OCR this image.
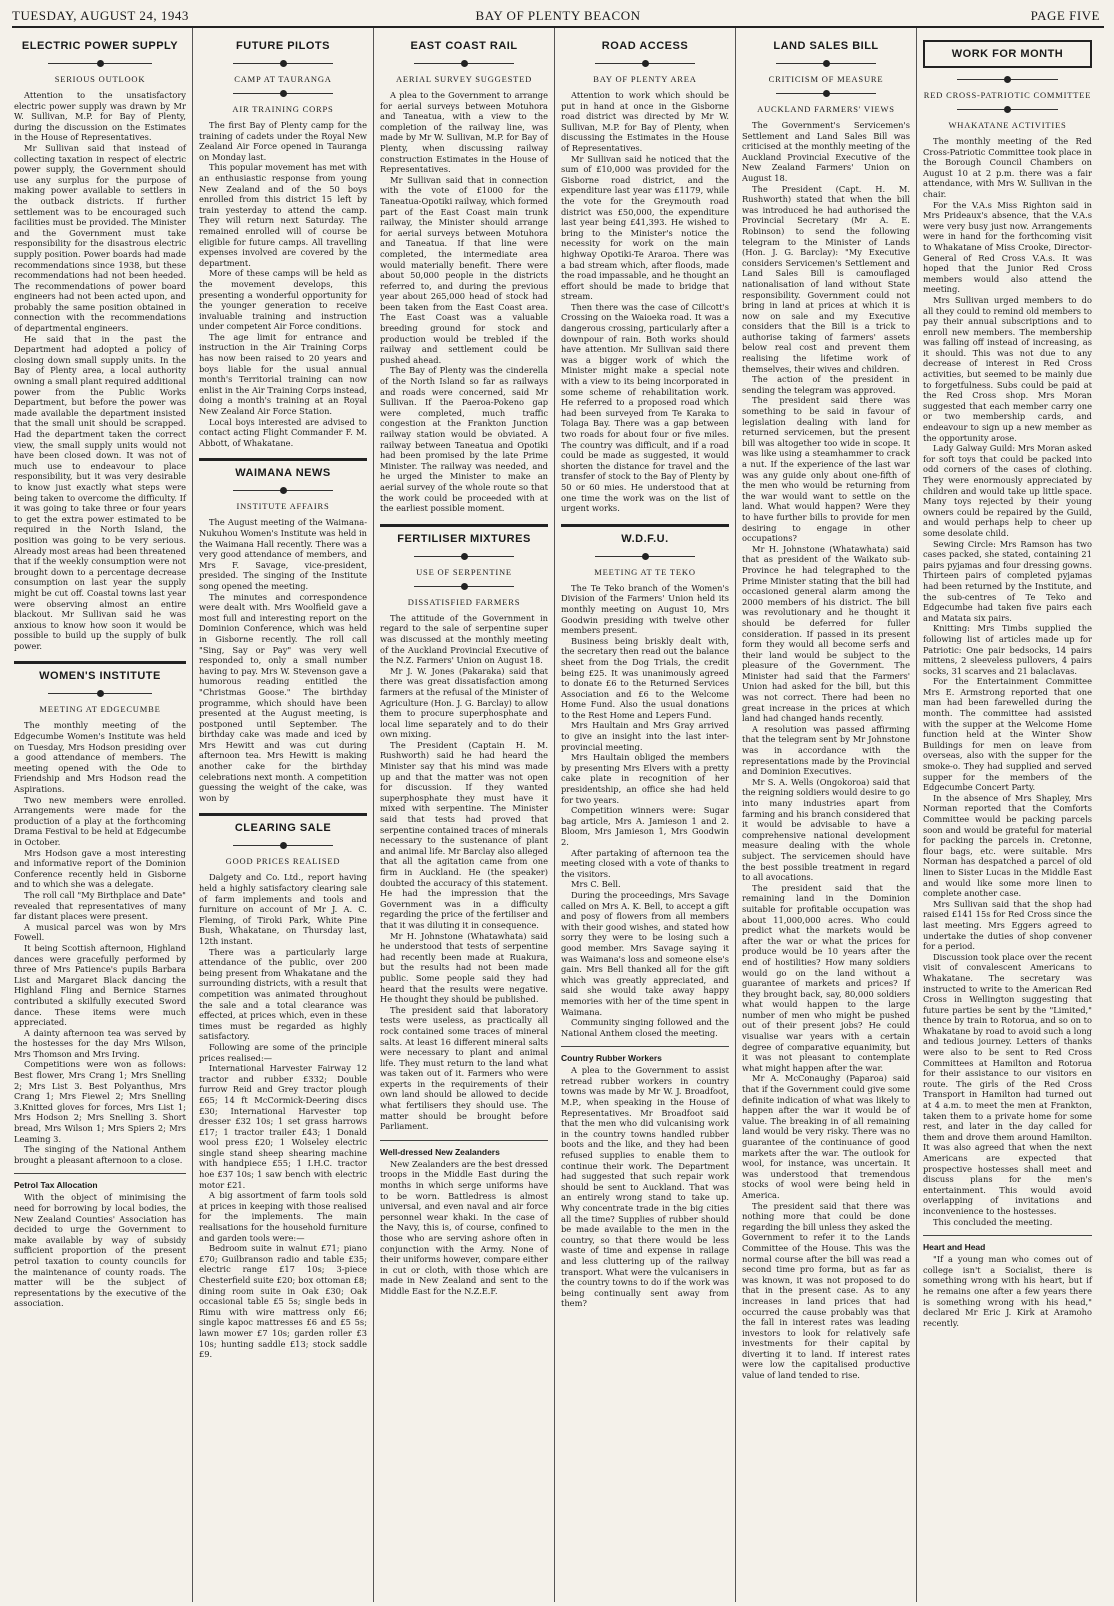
TUESDAY, AUGUST 24, 1943	BAY OF PLENTY BEACON	PAGE FIVE
ELECTRIC POWER SUPPLY
SERIOUS OUTLOOK

Attention to the unsatisfactory electric power supply was drawn by Mr W. Sullivan, M.P. for Bay of Plenty, during the discussion on the Estimates in the House of Representatives.

Mr Sullivan said that instead of collecting taxation in respect of electric power supply, the Government should use any surplus for the purpose of making power available to settlers in the outback districts. If further settlement was to be encouraged such facilities must be provided. The Minister and the Government must take responsibility for the disastrous electric supply position. Power boards had made recommendations since 1938, but these recommendations had not been heeded. The recommendations of power board engineers had not been acted upon, and probably the same position obtained in connection with the recommendations of departmental engineers.

He said that in the past the Department had adopted a policy of closing down small supply units. In the Bay of Plenty area, a local authority owning a small plant required additional power from the Public Works Department, but before the power was made available the department insisted that the small unit should be scrapped. Had the department taken the correct view, the small supply units would not have been closed down. It was not of much use to endeavour to place responsibility, but it was very desirable to know just exactly what steps were being taken to overcome the difficulty. If it was going to take three or four years to get the extra power estimated to be required in the North Island, the position was going to be very serious. Already most areas had been threatened that if the weekly consumption were not brought down to a percentage decrease consumption on last year the supply might be cut off. Coastal towns last year were observing almost an entire blackout. Mr Sullivan said he was anxious to know how soon it would be possible to build up the supply of bulk power.

WOMEN'S INSTITUTE
MEETING AT EDGECUMBE

The monthly meeting of the Edgecumbe Women's Institute was held on Tuesday, Mrs Hodson presiding over a good attendance of members. The meeting opened with the Ode to Friendship and Mrs Hodson read the Aspirations.

Two new members were enrolled. Arrangements were made for the production of a play at the forthcoming Drama Festival to be held at Edgecumbe in October.

Mrs Hodson gave a most interesting and informative report of the Dominion Conference recently held in Gisborne and to which she was a delegate.

The roll call "My Birthplace and Date" revealed that representatives of many far distant places were present.

A musical parcel was won by Mrs Fowell.

It being Scottish afternoon, Highland dances were gracefully performed by three of Mrs Patience's pupils Barbara List and Margaret Black dancing the Highland Fling and Bernice Starnes contributed a skilfully executed Sword dance. These items were much appreciated.

A dainty afternoon tea was served by the hostesses for the day Mrs Wilson, Mrs Thomson and Mrs Irving.

Competitions were won as follows: Best flower, Mrs Crang 1; Mrs Snelling 2; Mrs List 3. Best Polyanthus, Mrs Crang 1; Mrs Fiewel 2; Mrs Snelling 3.Knitted gloves for forces, Mrs List 1; Mrs Hodson 2; Mrs Snelling 3. Short bread, Mrs Wilson 1; Mrs Spiers 2; Mrs Leaming 3.

The singing of the National Anthem brought a pleasant afternoon to a close.

Petrol Tax Allocation

With the object of minimising the need for borrowing by local bodies, the New Zealand Counties' Association has decided to urge the Government to make available by way of subsidy sufficient proportion of the present petrol taxation to county councils for the maintenance of county roads. The matter will be the subject of representations by the executive of the association.

FUTURE PILOTS
CAMP AT TAURANGA
AIR TRAINING CORPS

The first Bay of Plenty camp for the training of cadets under the Royal New Zealand Air Force opened in Tauranga on Monday last.

This popular movement has met with an enthusiastic response from young New Zealand and of the 50 boys enrolled from this district 15 left by train yesterday to attend the camp. They will return next Saturday. The remained enrolled will of course be eligible for future camps. All travelling expenses involved are covered by the department.

More of these camps will be held as the movement develops, this presenting a wonderful opportunity for the younger generation to receive invaluable training and instruction under competent Air Force conditions.

The age limit for entrance and instruction in the Air Training Corps has now been raised to 20 years and boys liable for the usual annual month's Territorial training can now enlist in the Air Training Corps instead, doing a month's training at an Royal New Zealand Air Force Station.

Local boys interested are advised to contact acting Flight Commander F. M. Abbott, of Whakatane.

WAIMANA NEWS
INSTITUTE AFFAIRS

The August meeting of the Waimana-Nukuhou Women's Institute was held in the Waimana Hall recently. There was a very good attendance of members, and Mrs F. Savage, vice-president, presided. The singing of the Institute song opened the meeting.

The minutes and correspondence were dealt with. Mrs Woolfield gave a most full and interesting report on the Dominion Conference, which was held in Gisborne recently. The roll call "Sing, Say or Pay" was very well responded to, only a small number having to pay. Mrs W. Stevenson gave a humorous reading entitled the "Christmas Goose." The birthday programme, which should have been presented at the August meeting, is postponed until September. The birthday cake was made and iced by Mrs Hewitt and was cut during afternoon tea. Mrs Hewitt is making another cake for the birthday celebrations next month. A competition guessing the weight of the cake, was won by

CLEARING SALE
GOOD PRICES REALISED

Dalgety and Co. Ltd., report having held a highly satisfactory clearing sale of farm implements and tools and furniture on account of Mr J. A. C. Fleming, of Tiroki Park, White Pine Bush, Whakatane, on Thursday last, 12th instant.

There was a particularly large attendance of the public, over 200 being present from Whakatane and the surrounding districts, with a result that competition was animated throughout the sale and a total clearance was effected, at prices which, even in these times must be regarded as highly satisfactory.

Following are some of the principle prices realised:—

International Harvester Fairway 12 tractor and rubber £332; Double furrow Reid and Grey tractor plough £65; 14 ft McCormick-Deering discs £30; International Harvester top dresser £32 10s; 1 set grass harrows £17; 1 tractor trailer £43; 1 Donald wool press £20; 1 Wolseley electric single stand sheep shearing machine with handpiece £55; 1 I.H.C. tractor hoe £37 10s; 1 saw bench with electric motor £21.

A big assortment of farm tools sold at prices in keeping with those realised for the implements. The main realisations for the household furniture and garden tools were:—

Bedroom suite in walnut £71; piano £70; Guilbranson radio and table £35; electric range £17 10s; 3-piece Chesterfield suite £20; box ottoman £8; dining room suite in Oak £30; Oak occasional table £5 5s; single beds in Rimu with wire mattress only £6; single kapoc mattresses £6 and £5 5s; lawn mower £7 10s; garden roller £3 10s; hunting saddle £13; stock saddle £9.

EAST COAST RAIL
AERIAL SURVEY SUGGESTED

A plea to the Government to arrange for aerial surveys between Motuhora and Taneatua, with a view to the completion of the railway line, was made by Mr W. Sullivan, M.P. for Bay of Plenty, when discussing railway construction Estimates in the House of Representatives.

Mr Sullivan said that in connection with the vote of £1000 for the Taneatua-Opotiki railway, which formed part of the East Coast main trunk railway, the Minister should arrange for aerial surveys between Motuhora and Taneatua. If that line were completed, the intermediate area would materially benefit. There were about 50,000 people in the districts referred to, and during the previous year about 265,000 head of stock had been taken from the East Coast area. The East Coast was a valuable breeding ground for stock and production would be trebled if the railway and settlement could be pushed ahead.

The Bay of Plenty was the cinderella of the North Island so far as railways and roads were concerned, said Mr Sullivan. If the Paeroa-Pokeno gap were completed, much traffic congestion at the Frankton Junction railway station would be obviated. A railway between Taneatua and Opotiki had been promised by the late Prime Minister. The railway was needed, and he urged the Minister to make an aerial survey of the whole route so that the work could be proceeded with at the earliest possible moment.

FERTILISER MIXTURES
USE OF SERPENTINE
DISSATISFIED FARMERS

The attitude of the Government in regard to the sale of serpentine super was discussed at the monthly meeting of the Auckland Provincial Executive of the N.Z. Farmers' Union on August 18.

Mr J. W. Jones (Pakaraka) said that there was great dissatisfaction among farmers at the refusal of the Minister of Agriculture (Hon. J. G. Barclay) to allow them to procure superphosphate and local lime separately and to do their own mixing.

The President (Captain H. M. Rushworth) said he had heard the Minister say that his mind was made up and that the matter was not open for discussion. If they wanted superphosphate they must have it mixed with serpentine. The Minister said that tests had proved that serpentine contained traces of minerals necessary to the sustenance of plant and animal life. Mr Barclay also alleged that all the agitation came from one firm in Auckland. He (the speaker) doubted the accuracy of this statement. He had the impression that the Government was in a difficulty regarding the price of the fertiliser and that it was diluting it in consequence.

Mr H. Johnstone (Whatawhata) said he understood that tests of serpentine had recently been made at Ruakura, but the results had not been made public. Some people said they had heard that the results were negative. He thought they should be published.

The president said that laboratory tests were useless, as practically all rock contained some traces of mineral salts. At least 16 different mineral salts were necessary to plant and animal life. They must return to the land what was taken out of it. Farmers who were experts in the requirements of their own land should be allowed to decide what fertilisers they should use. The matter should be brought before Parliament.

Well-dressed New Zealanders

New Zealanders are the best dressed troops in the Middle East during the months in which serge uniforms have to be worn. Battledress is almost universal, and even naval and air force personnel wear khaki. In the case of the Navy, this is, of course, confined to those who are serving ashore often in conjunction with the Army. None of their uniforms however, compare either in cut or cloth, with those which are made in New Zealand and sent to the Middle East for the N.Z.E.F.

ROAD ACCESS
BAY OF PLENTY AREA

Attention to work which should be put in hand at once in the Gisborne road district was directed by Mr W. Sullivan, M.P. for Bay of Plenty, when discussing the Estimates in the House of Representatives.

Mr Sullivan said he noticed that the sum of £10,000 was provided for the Gisborne road district, and the expenditure last year was £1179, while the vote for the Greymouth road district was £50,000, the expenditure last year being £41,393. He wished to bring to the Minister's notice the necessity for work on the main highway Opotiki-Te Araroa. There was a bad stream which, after floods, made the road impassable, and he thought an effort should be made to bridge that stream.

Then there was the case of Cillcott's Crossing on the Waioeka road. It was a dangerous crossing, particularly after a downpour of rain. Both works should have attention. Mr Sullivan said there was a bigger work of which the Minister might make a special note with a view to its being incorporated in some scheme of rehabilitation work. He referred to a proposed road which had been surveyed from Te Karaka to Tolaga Bay. There was a gap between two roads for about four or five miles. The country was difficult, and if a road could be made as suggested, it would shorten the distance for travel and the transfer of stock to the Bay of Plenty by 50 or 60 mies. He understood that at one time the work was on the list of urgent works.

W.D.F.U.
MEETING AT TE TEKO

The Te Teko branch of the Women's Division of the Farmers' Union held its monthly meeting on August 10, Mrs Goodwin presiding with twelve other members present.

Business being briskly dealt with, the secretary then read out the balance sheet from the Dog Trials, the credit being £25. It was unanimously agreed to donate £6 to the Returned Services Association and £6 to the Welcome Home Fund. Also the usual donations to the Rest Home and Lepers Fund.

Mrs Haultain and Mrs Gray arrived to give an insight into the last inter-provincial meeting.

Mrs Haultain obliged the members by presenting Mrs Elvers with a pretty cake plate in recognition of her presidentship, an office she had held for two years.

Competition winners were: Sugar bag article, Mrs A. Jamieson 1 and 2. Bloom, Mrs Jamieson 1, Mrs Goodwin 2.

After partaking of afternoon tea the meeting closed with a vote of thanks to the visitors.

Mrs C. Bell.

During the proceedings, Mrs Savage called on Mrs A. K. Bell, to accept a gift and posy of flowers from all members with their good wishes, and stated how sorry they were to be losing such a good member. Mrs Savage saying it was Waimana's loss and someone else's gain. Mrs Bell thanked all for the gift which was greatly appreciated, and said she would take away happy memories with her of the time spent in Waimana.

Community singing followed and the National Anthem closed the meeting.

Country Rubber Workers

A plea to the Government to assist retread rubber workers in country towns was made by Mr W. J. Broadfoot, M.P., when speaking in the House of Representatives. Mr Broadfoot said that the men who did vulcanising work in the country towns handled rubber boots and the like, and they had been refused supplies to enable them to continue their work. The Department had suggested that such repair work should be sent to Auckland. That was an entirely wrong stand to take up. Why concentrate trade in the big cities all the time? Supplies of rubber should be made available to the men in the country, so that there would be less waste of time and expense in railage and less cluttering up of the railway transport. What were the vulcanisers in the country towns to do if the work was being continually sent away from them?

LAND SALES BILL
CRITICISM OF MEASURE
AUCKLAND FARMERS' VIEWS

The Government's Servicemen's Settlement and Land Sales Bill was criticised at the monthly meeting of the Auckland Provincial Executive of the New Zealand Farmers' Union on August 18.

The President (Capt. H. M. Rushworth) stated that when the bill was introduced he had authorised the Provincial Secretary (Mr A. E. Robinson) to send the following telegram to the Minister of Lands (Hon. J. G. Barclay): "My Executive considers Servicemen's Settlement and Land Sales Bill is camouflaged nationalisation of land without State responsibility. Government could not bring in land at prices at which it is now on sale and my Executive considers that the Bill is a trick to authorise taking of farmers' assets below real cost and prevent them realising the lifetime work of themselves, their wives and children.

The action of the president in sending the telegram was approved.

The president said there was something to be said in favour of legislation dealing with land for returned servicemen, but the present bill was altogether too wide in scope. It was like using a steamhammer to crack a nut. If the experience of the last war was any guide only about one-fifth of the men who would be returning from the war would want to settle on the land. What would happen? Were they to have further bills to provide for men desiring to engage in other occupations?

Mr H. Johnstone (Whatawhata) said that as president of the Waikato sub-Province he had telegraphed to the Prime Minister stating that the bill had occasioned general alarm among the 2000 members of his district. The bill was revolutionary and he thought it should be deferred for fuller consideration. If passed in its present form they would all become serfs and their land would be subject to the pleasure of the Government. The Minister had said that the Farmers' Union had asked for the bill, but this was not correct. There had been no great increase in the prices at which land had changed hands recently.

A resolution was passed affirming that the telegram sent by Mr Johnstone was in accordance with the representations made by the Provincial and Dominion Executives.

Mr S. A. Wells (Ongokoroa) said that the reigning soldiers would desire to go into many industries apart from farming and his branch considered that it would be advisable to have a comprehensive national development measure dealing with the whole subject. The servicemen should have the best possible treatment in regard to all avocations.

The president said that the remaining land in the Dominion suitable for profitable occupation was about 11,000,000 acres. Who could predict what the markets would be after the war or what the prices for produce would be 10 years after the end of hostilities? How many soldiers would go on the land without a guarantee of markets and prices? If they brought back, say, 80,000 soldiers what would happen to the large number of men who might be pushed out of their present jobs? He could visualise war years with a certain degree of comparative equanimity, but it was not pleasant to contemplate what might happen after the war.

Mr A. McConaughy (Paparoa) said that if the Government could give some definite indication of what was likely to happen after the war it would be of value. The breaking in of all remaining land would be very risky. There was no guarantee of the continuance of good markets after the war. The outlook for wool, for instance, was uncertain. It was understood that tremendous stocks of wool were being held in America.

The president said that there was nothing more that could be done regarding the bill unless they asked the Government to refer it to the Lands Committee of the House. This was the normal course after the bill was read a second time pro forma, but as far as was known, it was not proposed to do that in the present case. As to any increases in land prices that had occurred the cause probably was that the fall in interest rates was leading investors to look for relatively safe investments for their capital by diverting it to land. If interest rates were low the capitalised productive value of land tended to rise.

WORK FOR MONTH
RED CROSS-PATRIOTIC COMMITTEE
WHAKATANE ACTIVITIES

The monthly meeting of the Red Cross-Patriotic Committee took place in the Borough Council Chambers on August 10 at 2 p.m. there was a fair attendance, with Mrs W. Sullivan in the chair.

For the V.A.s Miss Righton said in Mrs Prideaux's absence, that the V.A.s were very busy just now. Arrangements were in hand for the forthcoming visit to Whakatane of Miss Crooke, Director-General of Red Cross V.A.s. It was hoped that the Junior Red Cross members would also attend the meeting.

Mrs Sullivan urged members to do all they could to remind old members to pay their annual subscriptions and to enroll new members. The membership was falling off instead of increasing, as it should. This was not due to any decrease of interest in Red Cross activities, but seemed to be mainly due to forgetfulness. Subs could be paid at the Red Cross shop. Mrs Moran suggested that each member carry one or two membership cards, and endeavour to sign up a new member as the opportunity arose.

Lady Galway Guild: Mrs Moran asked for soft toys that could be packed into odd corners of the cases of clothing. They were enormously appreciated by children and would take up little space. Many toys rejected by their young owners could be repaired by the Guild, and would perhaps help to cheer up some desolate child.

Sewing Circle: Mrs Ramson has two cases packed, she stated, containing 21 pairs pyjamas and four dressing gowns. Thirteen pairs of completed pyjamas had been returned by the Institute, and the sub-centres of Te Teko and Edgecumbe had taken five pairs each and Matata six pairs.

Knitting: Mrs Timbs supplied the following list of articles made up for Patriotic: One pair bedsocks, 14 pairs mittens, 2 sleeveless pullovers, 4 pairs socks, 31 scarves and 21 balaclavas.

For the Entertainment Committee Mrs E. Armstrong reported that one man had been farewelled during the month. The committee had assisted with the supper at the Welcome Home function held at the Winter Show Buildings for men on leave from overseas, also with the supper for the smoke-o. They had supplied and served supper for the members of the Edgecumbe Concert Party.

In the absence of Mrs Shapley, Mrs Norman reported that the Comforts Committee would be packing parcels soon and would be grateful for material for packing the parcels in. Cretonne, flour bags, etc. were suitable. Mrs Norman has despatched a parcel of old linen to Sister Lucas in the Middle East and would like some more linen to complete another case.

Mrs Sullivan said that the shop had raised £141 15s for Red Cross since the last meeting. Mrs Eggers agreed to undertake the duties of shop convener for a period.

Discussion took place over the recent visit of convalescent Americans to Whakatane. The secretary was instructed to write to the American Red Cross in Wellington suggesting that future parties be sent by the "Limited," thence by train to Rotorua, and so on to Whakatane by road to avoid such a long and tedious journey. Letters of thanks were also to be sent to Red Cross Committees at Hamilton and Rotorua for their assistance to our visitors en route. The girls of the Red Cross Transport in Hamilton had turned out at 4 a.m. to meet the men at Frankton, taken them to a private home for some rest, and later in the day called for them and drove them around Hamilton. It was also agreed that when the next Americans are expected that prospective hostesses shall meet and discuss plans for the men's entertainment. This would avoid overlapping of invitations and inconvenience to the hostesses.

This concluded the meeting.

Heart and Head

"If a young man who comes out of college isn't a Socialist, there is something wrong with his heart, but if he remains one after a few years there is something wrong with his head," declared Mr Eric J. Kirk at Aramoho recently.
